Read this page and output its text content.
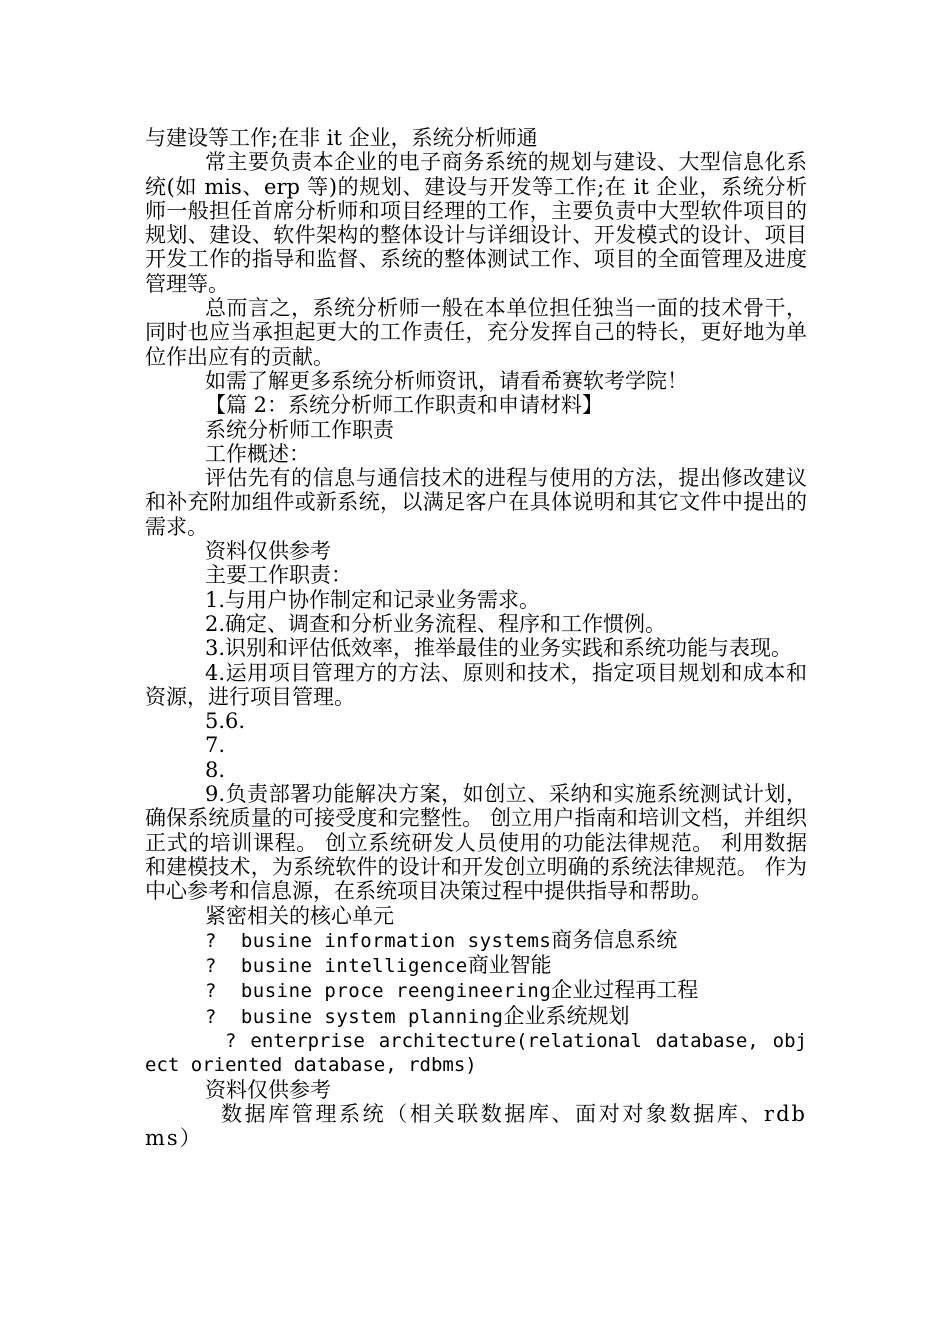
与建设等工作;在非 it 企业，系统分析师通

常主要负责本企业的电子商务系统的规划与建设、大型信息化系统(如 mis、erp 等)的规划、建设与开发等工作;在 it 企业，系统分析师一般担任首席分析师和项目经理的工作，主要负责中大型软件项目的规划、建设、软件架构的整体设计与详细设计、开发模式的设计、项目开发工作的指导和监督、系统的整体测试工作、项目的全面管理及进度管理等。

总而言之，系统分析师一般在本单位担任独当一面的技术骨干，同时也应当承担起更大的工作责任，充分发挥自己的特长，更好地为单位作出应有的贡献。

如需了解更多系统分析师资讯，请看希赛软考学院！

【篇 2：系统分析师工作职责和申请材料】

系统分析师工作职责

工作概述：

评估先有的信息与通信技术的进程与使用的方法，提出修改建议和补充附加组件或新系统，以满足客户在具体说明和其它文件中提出的需求。

资料仅供参考

主要工作职责：

1.与用户协作制定和记录业务需求。

2.确定、调查和分析业务流程、程序和工作惯例。

3.识别和评估低效率，推举最佳的业务实践和系统功能与表现。

4.运用项目管理方的方法、原则和技术，指定项目规划和成本和资源，进行项目管理。

5.6.

7.

8.

9.负责部署功能解决方案，如创立、采纳和实施系统测试计划，确保系统质量的可接受度和完整性。 创立用户指南和培训文档，并组织正式的培训课程。 创立系统研发人员使用的功能法律规范。 利用数据和建模技术，为系统软件的设计和开发创立明确的系统法律规范。 作为中心参考和信息源，在系统项目决策过程中提供指导和帮助。

紧密相关的核心单元

? busine information systems商务信息系统

? busine intelligence商业智能

? busine proce reengineering企业过程再工程

? busine system planning企业系统规划

? enterprise architecture(relational database, object oriented database, rdbms)

资料仅供参考

数据库管理系统（相关联数据库、面对对象数据库、rdbms）
